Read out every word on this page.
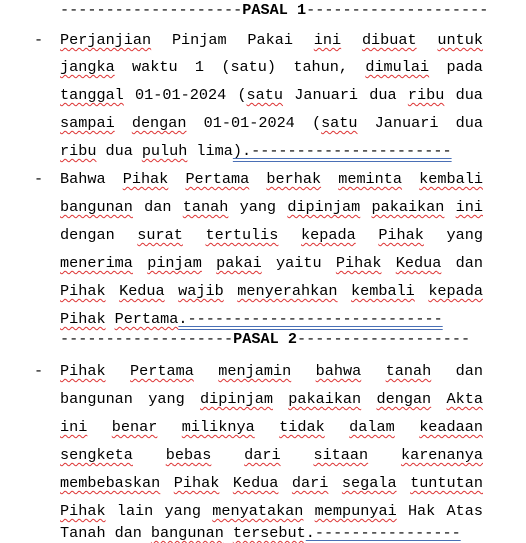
--------------------PASAL 1--------------------
- Perjanjian Pinjam Pakai ini dibuat untuk
jangka waktu 1 (satu) tahun, dimulai pada
tanggal 01-01-2024 (satu Januari dua ribu dua
sampai dengan 01-01-2024 (satu Januari dua
ribu dua puluh lima).----------------------
- Bahwa Pihak Pertama berhak meminta kembali
bangunan dan tanah yang dipinjam pakaikan ini
dengan surat tertulis kepada Pihak yang
menerima pinjam pakai yaitu Pihak Kedua dan
Pihak Kedua wajib menyerahkan kembali kepada
Pihak Pertama .----------------------------
-------------------PASAL 2-------------------
- Pihak Pertama menjamin bahwa tanah dan
bangunan yang dipinjam pakaikan dengan Akta
ini benar miliknya tidak dalam keadaan
sengketa bebas dari sitaan karenanya
membebaskan Pihak Kedua dari segala tuntutan
Pihak lain yang menyatakan mempunyai Hak Atas
Tanah dan bangunan tersebut .----------------
